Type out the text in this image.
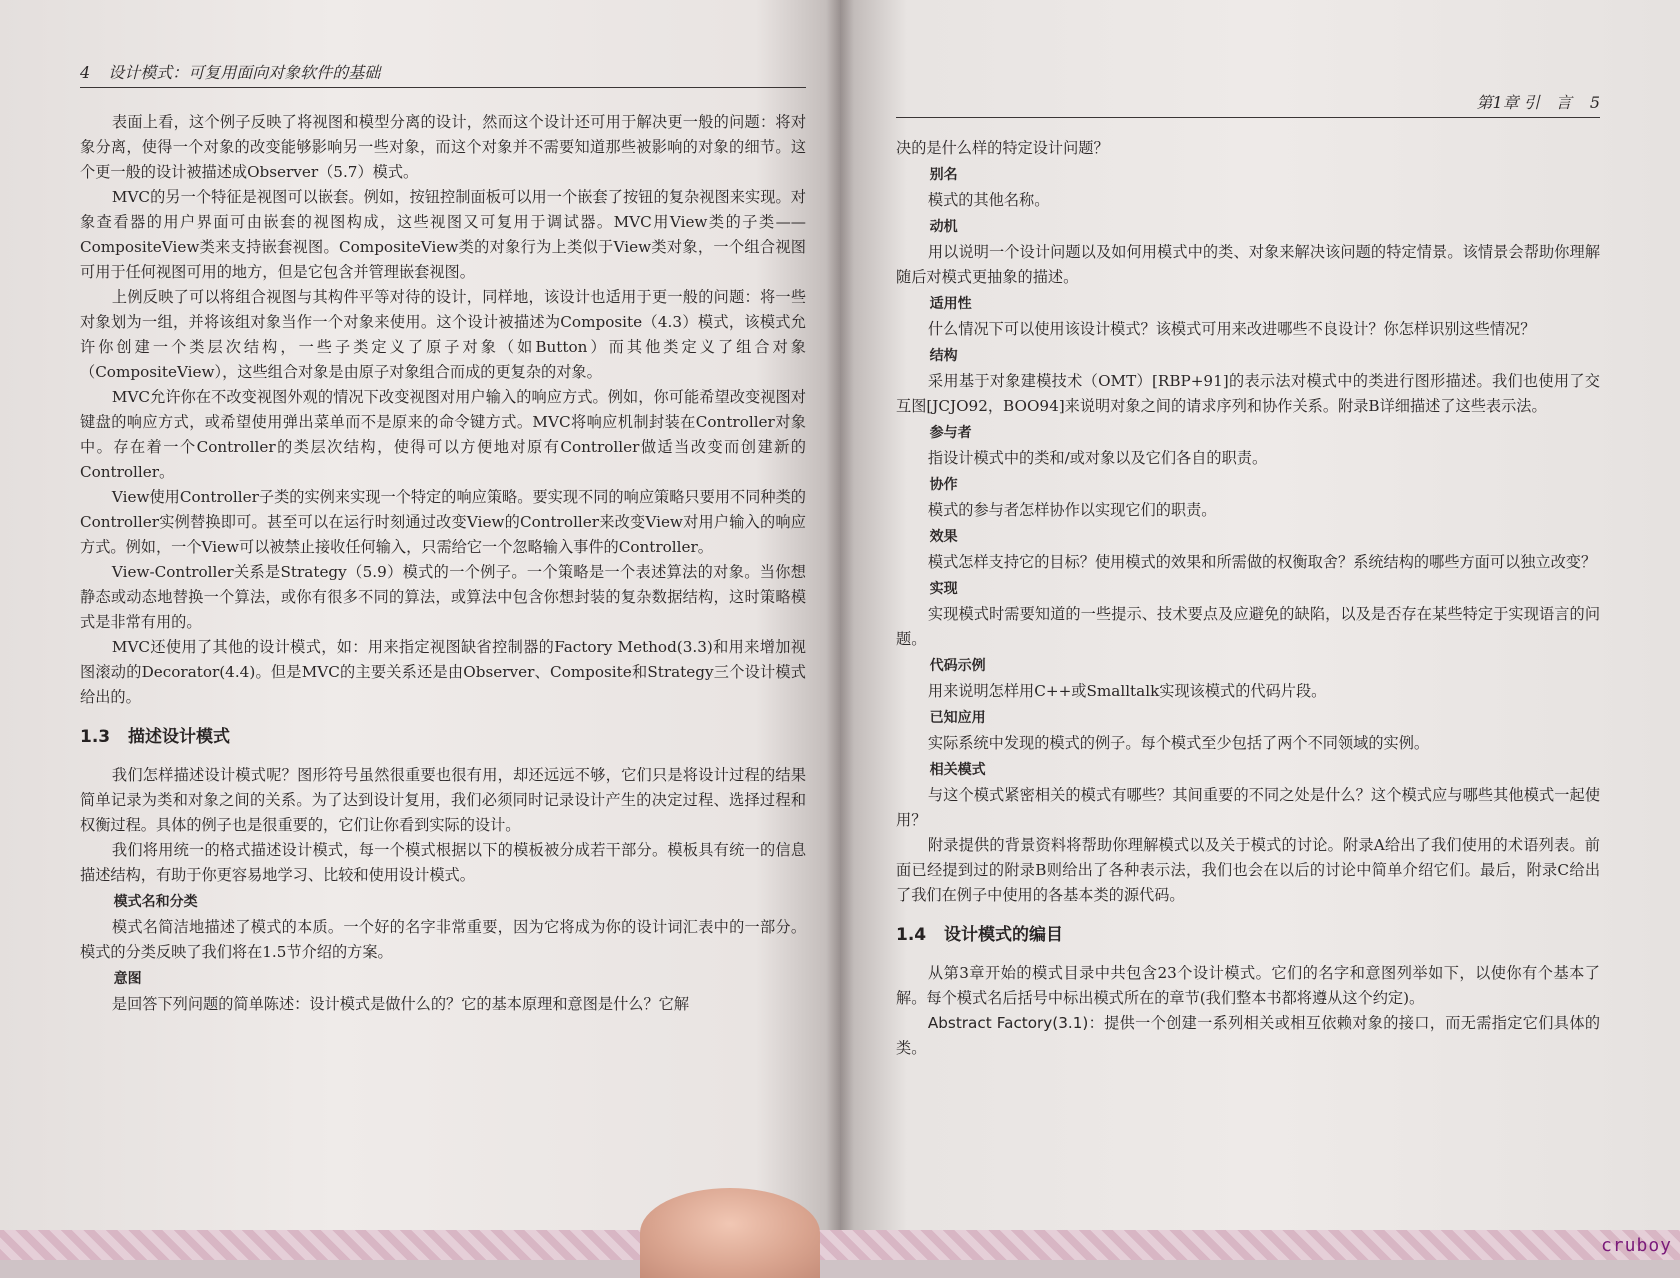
4 设计模式：可复用面向对象软件的基础

表面上看，这个例子反映了将视图和模型分离的设计，然而这个设计还可用于解决更一般的问题：将对象分离，使得一个对象的改变能够影响另一些对象，而这个对象并不需要知道那些被影响的对象的细节。这个更一般的设计被描述成Observer（5.7）模式。

MVC的另一个特征是视图可以嵌套。例如，按钮控制面板可以用一个嵌套了按钮的复杂视图来实现。对象查看器的用户界面可由嵌套的视图构成，这些视图又可复用于调试器。MVC用View类的子类——CompositeView类来支持嵌套视图。CompositeView类的对象行为上类似于View类对象，一个组合视图可用于任何视图可用的地方，但是它包含并管理嵌套视图。

上例反映了可以将组合视图与其构件平等对待的设计，同样地，该设计也适用于更一般的问题：将一些对象划为一组，并将该组对象当作一个对象来使用。这个设计被描述为Composite（4.3）模式，该模式允许你创建一个类层次结构，一些子类定义了原子对象（如Button）而其他类定义了组合对象（CompositeView），这些组合对象是由原子对象组合而成的更复杂的对象。

MVC允许你在不改变视图外观的情况下改变视图对用户输入的响应方式。例如，你可能希望改变视图对键盘的响应方式，或希望使用弹出菜单而不是原来的命令键方式。MVC将响应机制封装在Controller对象中。存在着一个Controller的类层次结构，使得可以方便地对原有Controller做适当改变而创建新的Controller。

View使用Controller子类的实例来实现一个特定的响应策略。要实现不同的响应策略只要用不同种类的Controller实例替换即可。甚至可以在运行时刻通过改变View的Controller来改变View对用户输入的响应方式。例如，一个View可以被禁止接收任何输入，只需给它一个忽略输入事件的Controller。

View-Controller关系是Strategy（5.9）模式的一个例子。一个策略是一个表述算法的对象。当你想静态或动态地替换一个算法，或你有很多不同的算法，或算法中包含你想封装的复杂数据结构，这时策略模式是非常有用的。

MVC还使用了其他的设计模式，如：用来指定视图缺省控制器的Factory Method(3.3)和用来增加视图滚动的Decorator(4.4)。但是MVC的主要关系还是由Observer、Composite和Strategy三个设计模式给出的。

1.3 描述设计模式

我们怎样描述设计模式呢？图形符号虽然很重要也很有用，却还远远不够，它们只是将设计过程的结果简单记录为类和对象之间的关系。为了达到设计复用，我们必须同时记录设计产生的决定过程、选择过程和权衡过程。具体的例子也是很重要的，它们让你看到实际的设计。

我们将用统一的格式描述设计模式，每一个模式根据以下的模板被分成若干部分。模板具有统一的信息描述结构，有助于你更容易地学习、比较和使用设计模式。

模式名和分类

模式名简洁地描述了模式的本质。一个好的名字非常重要，因为它将成为你的设计词汇表中的一部分。模式的分类反映了我们将在1.5节介绍的方案。

意图

是回答下列问题的简单陈述：设计模式是做什么的？它的基本原理和意图是什么？它解

第1章 引　言 5

决的是什么样的特定设计问题？

别名

模式的其他名称。

动机

用以说明一个设计问题以及如何用模式中的类、对象来解决该问题的特定情景。该情景会帮助你理解随后对模式更抽象的描述。

适用性

什么情况下可以使用该设计模式？该模式可用来改进哪些不良设计？你怎样识别这些情况？

结构

采用基于对象建模技术（OMT）[RBP+91]的表示法对模式中的类进行图形描述。我们也使用了交互图[JCJO92，BOO94]来说明对象之间的请求序列和协作关系。附录B详细描述了这些表示法。

参与者

指设计模式中的类和/或对象以及它们各自的职责。

协作

模式的参与者怎样协作以实现它们的职责。

效果

模式怎样支持它的目标？使用模式的效果和所需做的权衡取舍？系统结构的哪些方面可以独立改变？

实现

实现模式时需要知道的一些提示、技术要点及应避免的缺陷，以及是否存在某些特定于实现语言的问题。

代码示例

用来说明怎样用C++或Smalltalk实现该模式的代码片段。

已知应用

实际系统中发现的模式的例子。每个模式至少包括了两个不同领域的实例。

相关模式

与这个模式紧密相关的模式有哪些？其间重要的不同之处是什么？这个模式应与哪些其他模式一起使用？

附录提供的背景资料将帮助你理解模式以及关于模式的讨论。附录A给出了我们使用的术语列表。前面已经提到过的附录B则给出了各种表示法，我们也会在以后的讨论中简单介绍它们。最后，附录C给出了我们在例子中使用的各基本类的源代码。

1.4 设计模式的编目

从第3章开始的模式目录中共包含23个设计模式。它们的名字和意图列举如下，以使你有个基本了解。每个模式名后括号中标出模式所在的章节(我们整本书都将遵从这个约定)。

Abstract Factory(3.1)：提供一个创建一系列相关或相互依赖对象的接口，而无需指定它们具体的类。

cruboy
